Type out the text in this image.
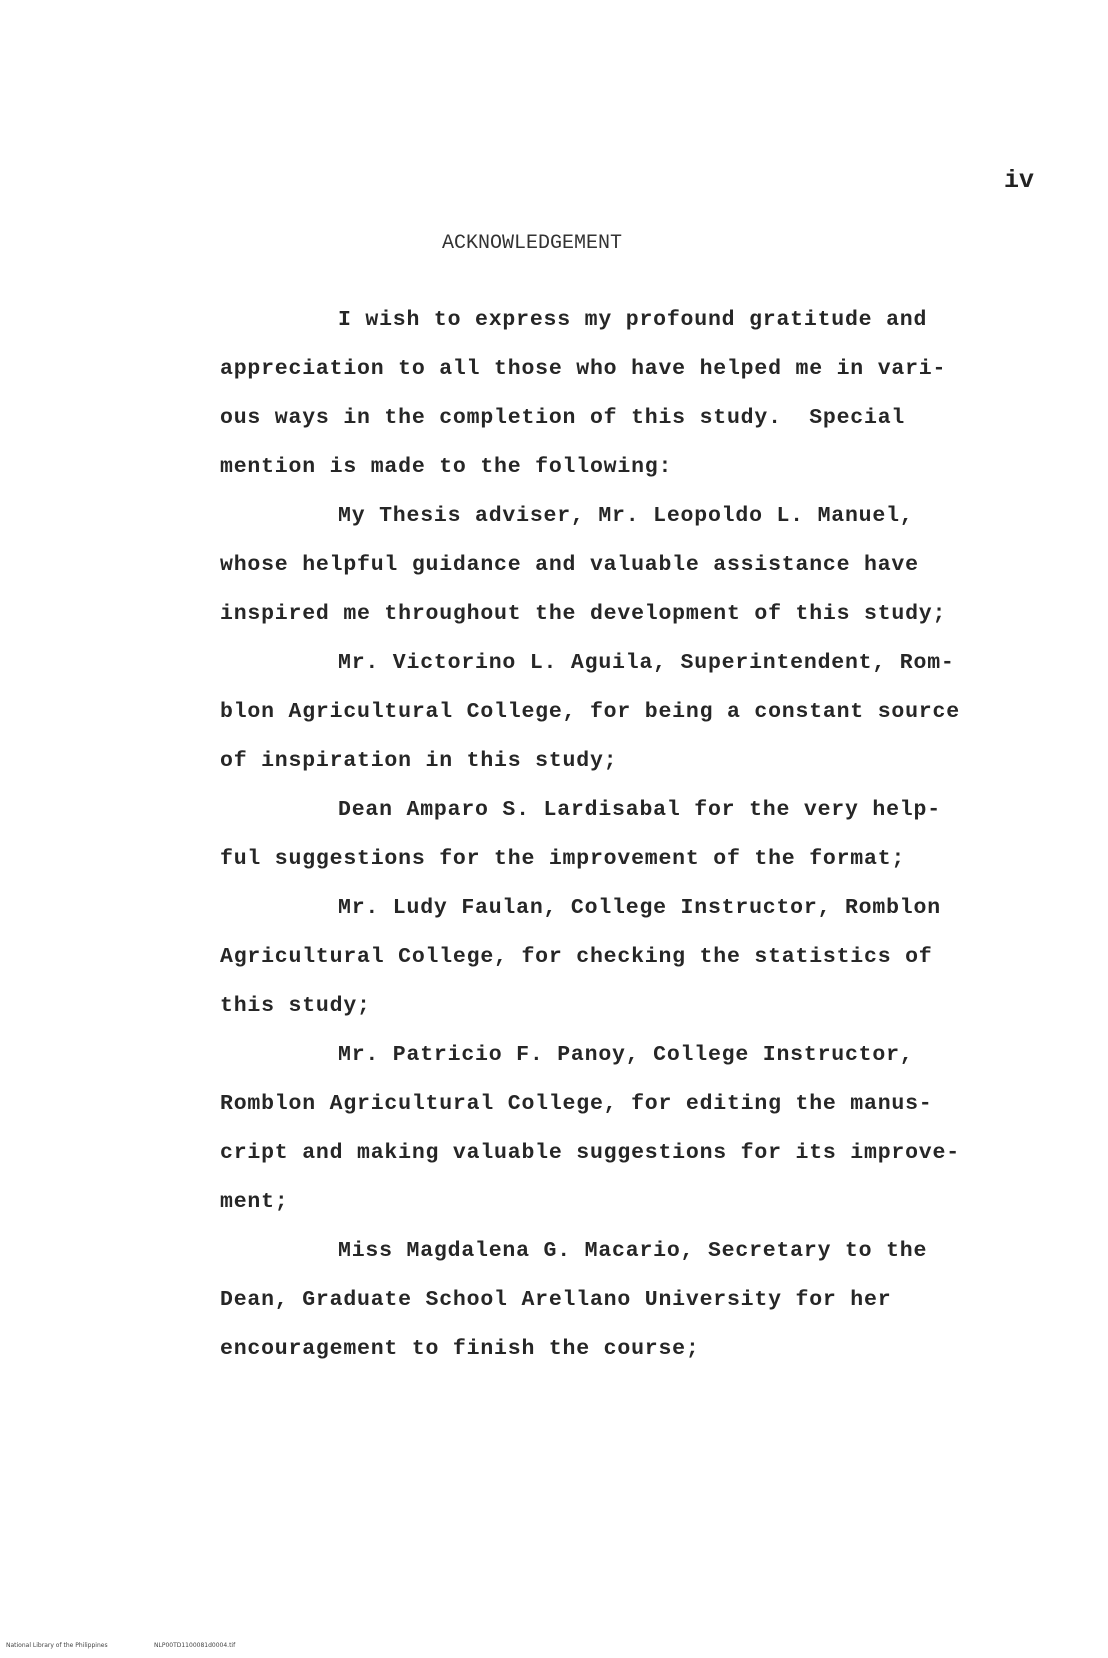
iv
ACKNOWLEDGEMENT
I wish to express my profound gratitude and
appreciation to all those who have helped me in vari-
ous ways in the completion of this study.  Special
mention is made to the following:
My Thesis adviser, Mr. Leopoldo L. Manuel,
whose helpful guidance and valuable assistance have
inspired me throughout the development of this study;
Mr. Victorino L. Aguila, Superintendent, Rom-
blon Agricultural College, for being a constant source
of inspiration in this study;
Dean Amparo S. Lardisabal for the very help-
ful suggestions for the improvement of the format;
Mr. Ludy Faulan, College Instructor, Romblon
Agricultural College, for checking the statistics of
this study;
Mr. Patricio F. Panoy, College Instructor,
Romblon Agricultural College, for editing the manus-
cript and making valuable suggestions for its improve-
ment;
Miss Magdalena G. Macario, Secretary to the
Dean, Graduate School Arellano University for her
encouragement to finish the course;
National Library of the Philippines	NLP00TD1100081d0004.tif
